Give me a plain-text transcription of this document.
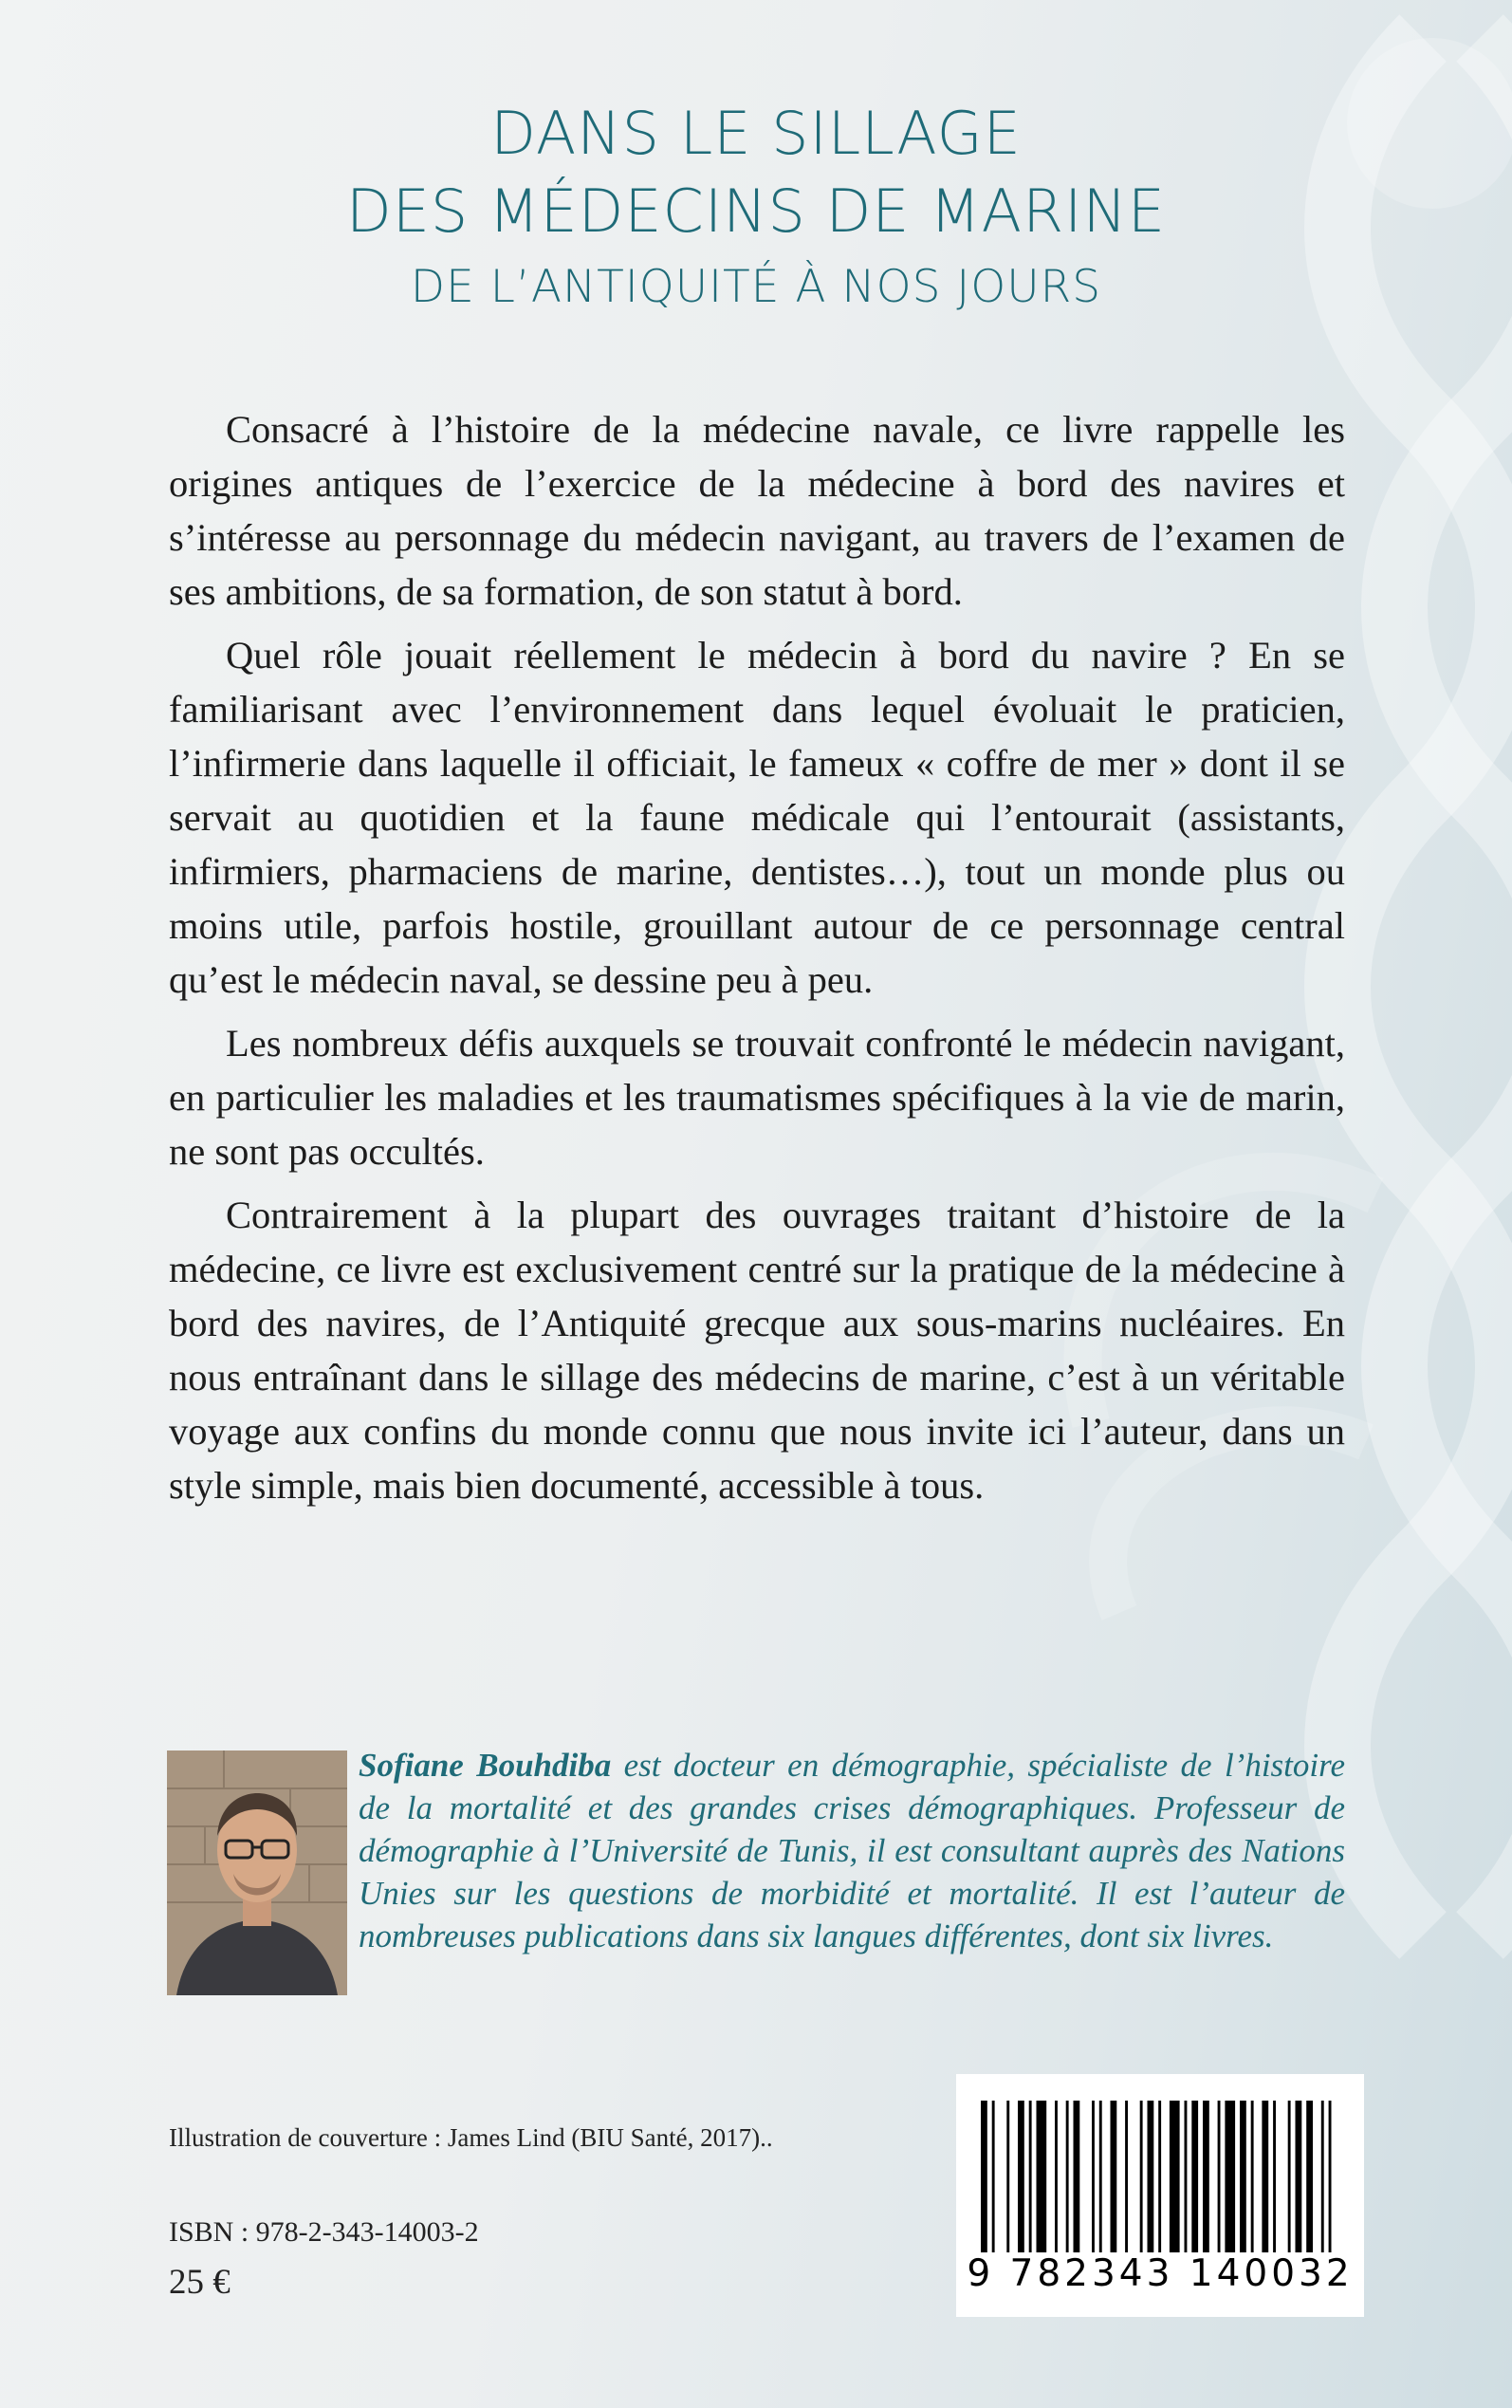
DANS LE SILLAGE
DES MÉDECINS DE MARINE
DE L’ANTIQUITÉ À NOS JOURS

Consacré à l’histoire de la médecine navale, ce livre rappelle les origines antiques de l’exercice de la médecine à bord des navires et s’intéresse au personnage du médecin navigant, au travers de l’examen de ses ambitions, de sa formation, de son statut à bord.

Quel rôle jouait réellement le médecin à bord du navire ? En se familiarisant avec l’environnement dans lequel évoluait le praticien, l’infirmerie dans laquelle il officiait, le fameux « coffre de mer » dont il se servait au quotidien et la faune médicale qui l’entourait (assistants, infirmiers, pharmaciens de marine, dentistes…), tout un monde plus ou moins utile, parfois hostile, grouillant autour de ce personnage central qu’est le médecin naval, se dessine peu à peu.

Les nombreux défis auxquels se trouvait confronté le médecin navigant, en particulier les maladies et les traumatismes spécifiques à la vie de marin, ne sont pas occultés.

Contrairement à la plupart des ouvrages traitant d’histoire de la médecine, ce livre est exclusivement centré sur la pratique de la médecine à bord des navires, de l’Antiquité grecque aux sous-marins nucléaires. En nous entraînant dans le sillage des médecins de marine, c’est à un véritable voyage aux confins du monde connu que nous invite ici l’auteur, dans un style simple, mais bien documenté, accessible à tous.

Sofiane Bouhdiba est docteur en démographie, spécialiste de l’histoire de la mortalité et des grandes crises démographiques. Professeur de démographie à l’Université de Tunis, il est consultant auprès des Nations Unies sur les questions de morbidité et mortalité. Il est l’auteur de nombreuses publications dans six langues différentes, dont six livres.
Illustration de couverture : James Lind (BIU Santé, 2017)..
ISBN : 978-2-343-14003-2
25 €	9 782343 140032
